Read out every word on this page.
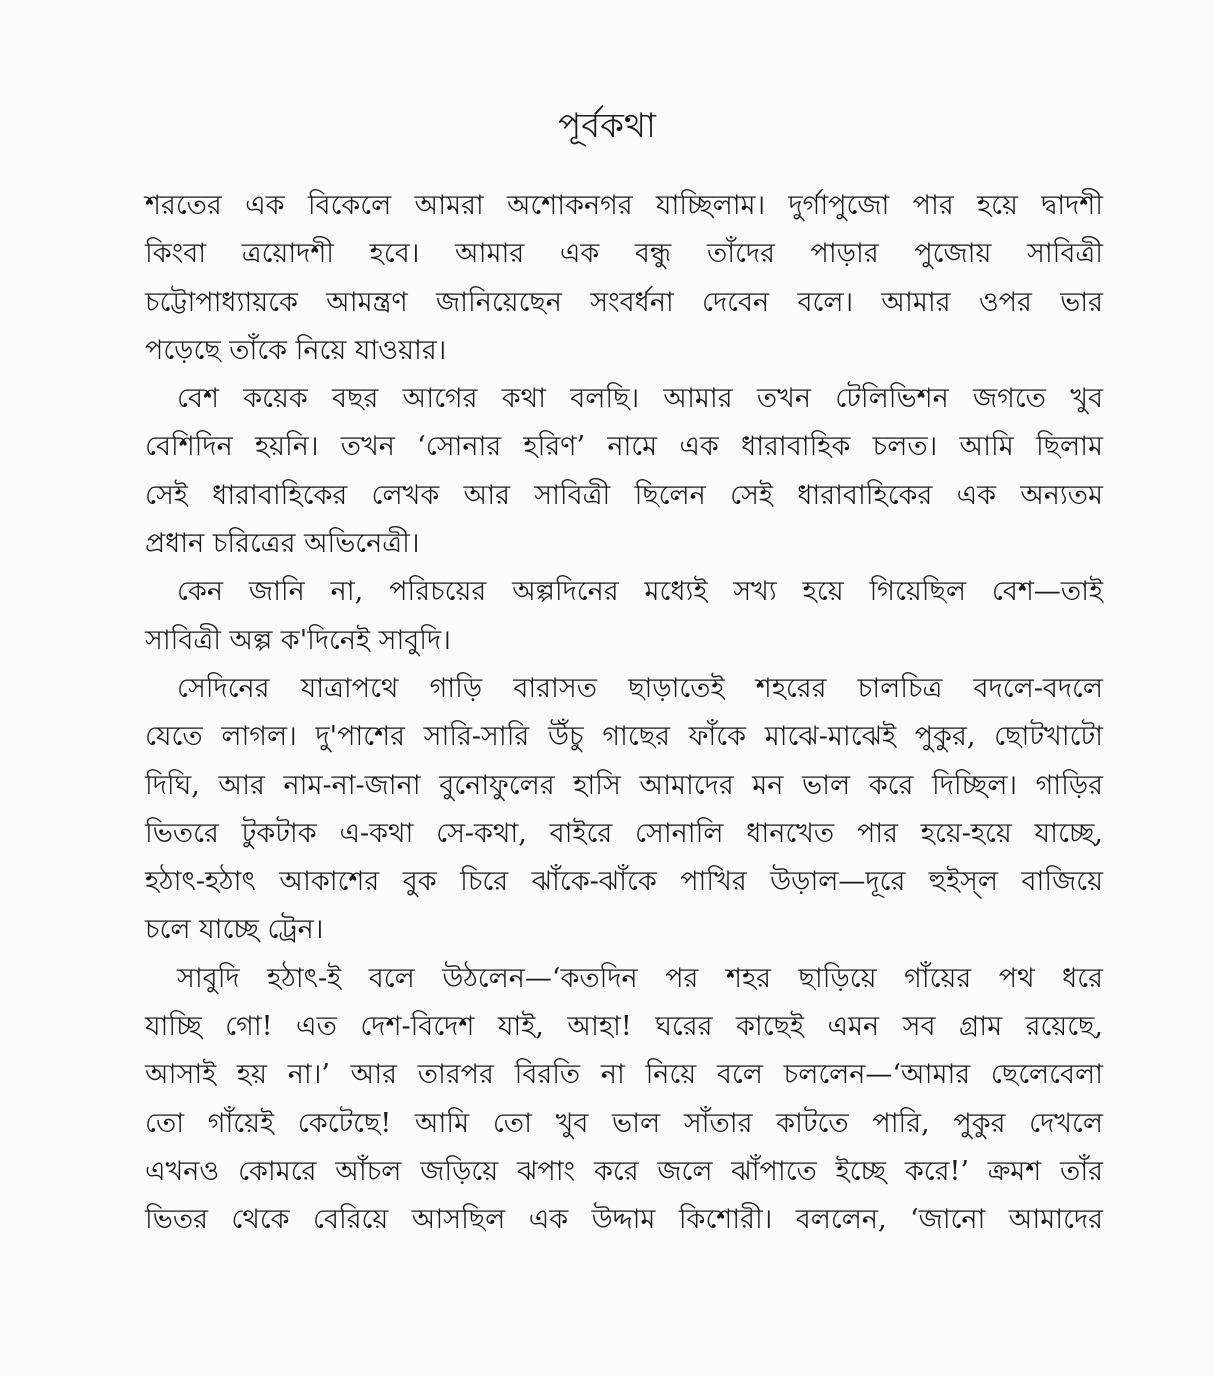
পূর্বকথা
শরতের এক বিকেলে আমরা অশোকনগর যাচ্ছিলাম। দুর্গাপুজো পার হয়ে দ্বাদশী
কিংবা ত্রয়োদশী হবে। আমার এক বন্ধু তাঁদের পাড়ার পুজোয় সাবিত্রী
চট্টোপাধ্যায়কে আমন্ত্রণ জানিয়েছেন সংবর্ধনা দেবেন বলে। আমার ওপর ভার
পড়েছে তাঁকে নিয়ে যাওয়ার।
বেশ কয়েক বছর আগের কথা বলছি। আমার তখন টেলিভিশন জগতে খুব
বেশিদিন হয়নি। তখন ‘সোনার হরিণ’ নামে এক ধারাবাহিক চলত। আমি ছিলাম
সেই ধারাবাহিকের লেখক আর সাবিত্রী ছিলেন সেই ধারাবাহিকের এক অন্যতম
প্রধান চরিত্রের অভিনেত্রী।
কেন জানি না, পরিচয়ের অল্পদিনের মধ্যেই সখ্য হয়ে গিয়েছিল বেশ—তাই
সাবিত্রী অল্প ক'দিনেই সাবুদি।
সেদিনের যাত্রাপথে গাড়ি বারাসত ছাড়াতেই শহরের চালচিত্র বদলে-বদলে
যেতে লাগল। দু'পাশের সারি-সারি উঁচু গাছের ফাঁকে মাঝে-মাঝেই পুকুর, ছোটখাটো
দিঘি, আর নাম-না-জানা বুনোফুলের হাসি আমাদের মন ভাল করে দিচ্ছিল। গাড়ির
ভিতরে টুকটাক এ-কথা সে-কথা, বাইরে সোনালি ধানখেত পার হয়ে-হয়ে যাচ্ছে,
হঠাৎ-হঠাৎ আকাশের বুক চিরে ঝাঁকে-ঝাঁকে পাখির উড়াল—দূরে হুইস্‌ল বাজিয়ে
চলে যাচ্ছে ট্রেন।
সাবুদি হঠাৎ-ই বলে উঠলেন—‘কতদিন পর শহর ছাড়িয়ে গাঁয়ের পথ ধরে
যাচ্ছি গো! এত দেশ-বিদেশ যাই, আহা! ঘরের কাছেই এমন সব গ্রাম রয়েছে,
আসাই হয় না।’ আর তারপর বিরতি না নিয়ে বলে চললেন—‘আমার ছেলেবেলা
তো গাঁয়েই কেটেছে! আমি তো খুব ভাল সাঁতার কাটতে পারি, পুকুর দেখলে
এখনও কোমরে আঁচল জড়িয়ে ঝপাং করে জলে ঝাঁপাতে ইচ্ছে করে!’ ক্রমশ তাঁর
ভিতর থেকে বেরিয়ে আসছিল এক উদ্দাম কিশোরী। বললেন, ‘জানো আমাদের
